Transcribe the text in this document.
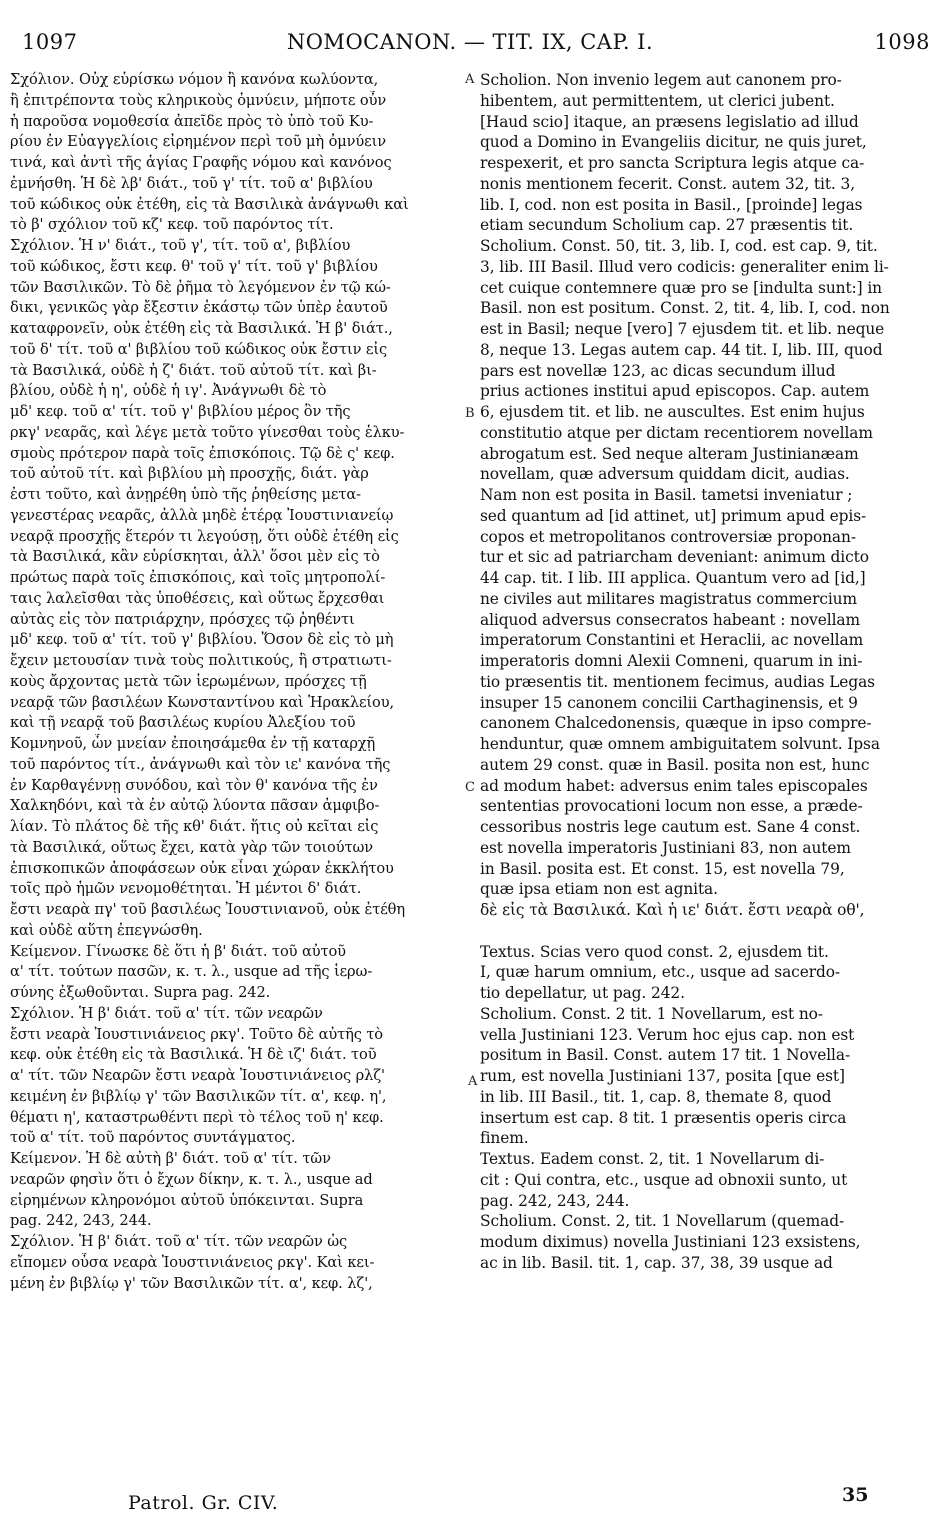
1097	NOMOCANON. — TIT. IX, CAP. I.	1098
A
B
C
A
Σχόλιον. Οὐχ εὑρίσκω νόμον ἢ κανόνα κωλύοντα,
ἢ ἐπιτρέποντα τοὺς κληρικοὺς ὀμνύειν, μήποτε οὖν
ἡ παροῦσα νομοθεσία ἀπεῖδε πρὸς τὸ ὑπὸ τοῦ Κυ-
ρίου ἐν Εὐαγγελίοις εἰρημένον περὶ τοῦ μὴ ὀμνύειν
τινά, καὶ ἀντὶ τῆς ἁγίας Γραφῆς νόμου καὶ κανόνος
ἐμνήσθη. Ἡ δὲ λβ' διάτ., τοῦ γ' τίτ. τοῦ α' βιβλίου
τοῦ κώδικος οὐκ ἐτέθη, εἰς τὰ Βασιλικὰ ἀνάγνωθι καὶ
τὸ β' σχόλιον τοῦ κζ' κεφ. τοῦ παρόντος τίτ.
Σχόλιον. Ἡ ν' διάτ., τοῦ γ', τίτ. τοῦ α', βιβλίου
τοῦ κώδικος, ἔστι κεφ. θ' τοῦ γ' τίτ. τοῦ γ' βιβλίου
τῶν Βασιλικῶν. Τὸ δὲ ῥῆμα τὸ λεγόμενον ἐν τῷ κώ-
δικι, γενικῶς γὰρ ἔξεστιν ἑκάστῳ τῶν ὑπὲρ ἑαυτοῦ
καταφρονεῖν, οὐκ ἐτέθη εἰς τὰ Βασιλικά. Ἡ β' διάτ.,
τοῦ δ' τίτ. τοῦ α' βιβλίου τοῦ κώδικος οὐκ ἔστιν εἰς
τὰ Βασιλικά, οὐδὲ ἡ ζ' διάτ. τοῦ αὐτοῦ τίτ. καὶ βι-
βλίου, οὐδὲ ἡ η', οὐδὲ ἡ ιγ'. Ἀνάγνωθι δὲ τὸ
μδ' κεφ. τοῦ α' τίτ. τοῦ γ' βιβλίου μέρος ὃν τῆς
ρκγ' νεαρᾶς, καὶ λέγε μετὰ τοῦτο γίνεσθαι τοὺς ἑλκυ-
σμοὺς πρότερον παρὰ τοῖς ἐπισκόποις. Τῷ δὲ ς' κεφ.
τοῦ αὐτοῦ τίτ. καὶ βιβλίου μὴ προσχῇς, διάτ. γὰρ
ἐστι τοῦτο, καὶ ἀνῃρέθη ὑπὸ τῆς ῥηθείσης μετα-
γενεστέρας νεαρᾶς, ἀλλὰ μηδὲ ἑτέρᾳ Ἰουστινιανείῳ
νεαρᾷ προσχῇς ἕτερόν τι λεγούσῃ, ὅτι οὐδὲ ἐτέθη εἰς
τὰ Βασιλικά, κἂν εὑρίσκηται, ἀλλ' ὅσοι μὲν εἰς τὸ
πρώτως παρὰ τοῖς ἐπισκόποις, καὶ τοῖς μητροπολί-
ταις λαλεῖσθαι τὰς ὑποθέσεις, καὶ οὕτως ἔρχεσθαι
αὐτὰς εἰς τὸν πατριάρχην, πρόσχες τῷ ῥηθέντι
μδ' κεφ. τοῦ α' τίτ. τοῦ γ' βιβλίου. Ὅσον δὲ εἰς τὸ μὴ
ἔχειν μετουσίαν τινὰ τοὺς πολιτικούς, ἢ στρατιωτι-
κοὺς ἄρχοντας μετὰ τῶν ἱερωμένων, πρόσχες τῇ
νεαρᾷ τῶν βασιλέων Κωνσταντίνου καὶ Ἡρακλείου,
καὶ τῇ νεαρᾷ τοῦ βασιλέως κυρίου Ἀλεξίου τοῦ
Κομνηνοῦ, ὧν μνείαν ἐποιησάμεθα ἐν τῇ καταρχῇ
τοῦ παρόντος τίτ., ἀνάγνωθι καὶ τὸν ιε' κανόνα τῆς
ἐν Καρθαγέννῃ συνόδου, καὶ τὸν θ' κανόνα τῆς ἐν
Χαλκηδόνι, καὶ τὰ ἐν αὐτῷ λύοντα πᾶσαν ἀμφιβο-
λίαν. Τὸ πλάτος δὲ τῆς κθ' διάτ. ἥτις οὐ κεῖται εἰς
τὰ Βασιλικά, οὕτως ἔχει, κατὰ γὰρ τῶν τοιούτων
ἐπισκοπικῶν ἀποφάσεων οὐκ εἶναι χώραν ἐκκλήτου
τοῖς πρὸ ἡμῶν νενομοθέτηται. Ἡ μέντοι δ' διάτ.
ἔστι νεαρὰ πγ' τοῦ βασιλέως Ἰουστινιανοῦ, οὐκ ἐτέθη
καὶ οὐδὲ αὕτη ἐπεγνώσθη.
Κείμενον. Γίνωσκε δὲ ὅτι ἡ β' διάτ. τοῦ αὐτοῦ
α' τίτ. τούτων πασῶν, κ. τ. λ., usque ad τῆς ἱερω-
σύνης ἐξωθοῦνται. Supra pag. 242.
Σχόλιον. Ἡ β' διάτ. τοῦ α' τίτ. τῶν νεαρῶν
ἔστι νεαρὰ Ἰουστινιάνειος ρκγ'. Τοῦτο δὲ αὐτῆς τὸ
κεφ. οὐκ ἐτέθη εἰς τὰ Βασιλικά. Ἡ δὲ ιζ' διάτ. τοῦ
α' τίτ. τῶν Νεαρῶν ἔστι νεαρὰ Ἰουστινιάνειος ρλζ'
κειμένη ἐν βιβλίῳ γ' τῶν Βασιλικῶν τίτ. α', κεφ. η',
θέματι η', καταστρωθέντι περὶ τὸ τέλος τοῦ η' κεφ.
τοῦ α' τίτ. τοῦ παρόντος συντάγματος.
Κείμενον. Ἡ δὲ αὐτὴ β' διάτ. τοῦ α' τίτ. τῶν
νεαρῶν φησὶν ὅτι ὁ ἔχων δίκην, κ. τ. λ., usque ad
εἰρημένων κληρονόμοι αὐτοῦ ὑπόκεινται. Supra
pag. 242, 243, 244.
Σχόλιον. Ἡ β' διάτ. τοῦ α' τίτ. τῶν νεαρῶν ὡς
εἴπομεν οὖσα νεαρὰ Ἰουστινιάνειος ρκγ'. Καὶ κει-
μένη ἐν βιβλίῳ γ' τῶν Βασιλικῶν τίτ. α', κεφ. λζ',
Scholion. Non invenio legem aut canonem pro-
hibentem, aut permittentem, ut clerici jubent.
[Haud scio] itaque, an præsens legislatio ad illud
quod a Domino in Evangeliis dicitur, ne quis juret,
respexerit, et pro sancta Scriptura legis atque ca-
nonis mentionem fecerit. Const. autem 32, tit. 3,
lib. I, cod. non est posita in Basil., [proinde] legas
etiam secundum Scholium cap. 27 præsentis tit.
Scholium. Const. 50, tit. 3, lib. I, cod. est cap. 9, tit.
3, lib. III Basil. Illud vero codicis: generaliter enim li-
cet cuique contemnere quæ pro se [indulta sunt:] in
Basil. non est positum. Const. 2, tit. 4, lib. I, cod. non
est in Basil; neque [vero] 7 ejusdem tit. et lib. neque
8, neque 13. Legas autem cap. 44 tit. I, lib. III, quod
pars est novellæ 123, ac dicas secundum illud
prius actiones institui apud episcopos. Cap. autem
6, ejusdem tit. et lib. ne auscultes. Est enim hujus
constitutio atque per dictam recentiorem novellam
abrogatum est. Sed neque alteram Justinianæam
novellam, quæ adversum quiddam dicit, audias.
Nam non est posita in Basil. tametsi inveniatur ;
sed quantum ad [id attinet, ut] primum apud epis-
copos et metropolitanos controversiæ proponan-
tur et sic ad patriarcham deveniant: animum dicto
44 cap. tit. I lib. III applica. Quantum vero ad [id,]
ne civiles aut militares magistratus commercium
aliquod adversus consecratos habeant : novellam
imperatorum Constantini et Heraclii, ac novellam
imperatoris domni Alexii Comneni, quarum in ini-
tio præsentis tit. mentionem fecimus, audias Legas
insuper 15 canonem concilii Carthaginensis, et 9
canonem Chalcedonensis, quæque in ipso compre-
henduntur, quæ omnem ambiguitatem solvunt. Ipsa
autem 29 const. quæ in Basil. posita non est, hunc
ad modum habet: adversus enim tales episcopales
sententias provocationi locum non esse, a præde-
cessoribus nostris lege cautum est. Sane 4 const.
est novella imperatoris Justiniani 83, non autem
in Basil. posita est. Et const. 15, est novella 79,
quæ ipsa etiam non est agnita.
δὲ εἰς τὰ Βασιλικά. Καὶ ἡ ιε' διάτ. ἔστι νεαρὰ οθ',
Textus. Scias vero quod const. 2, ejusdem tit.
I, quæ harum omnium, etc., usque ad sacerdo-
tio depellatur, ut pag. 242.
Scholium. Const. 2 tit. 1 Novellarum, est no-
vella Justiniani 123. Verum hoc ejus cap. non est
positum in Basil. Const. autem 17 tit. 1 Novella-
rum, est novella Justiniani 137, posita [que est]
in lib. III Basil., tit. 1, cap. 8, themate 8, quod
insertum est cap. 8 tit. 1 præsentis operis circa
finem.
Textus. Eadem const. 2, tit. 1 Novellarum di-
cit : Qui contra, etc., usque ad obnoxii sunto, ut
pag. 242, 243, 244.
Scholium. Const. 2, tit. 1 Novellarum (quemad-
modum diximus) novella Justiniani 123 exsistens,
ac in lib. Basil. tit. 1, cap. 37, 38, 39 usque ad
Patrol. Gr. CIV.	35
